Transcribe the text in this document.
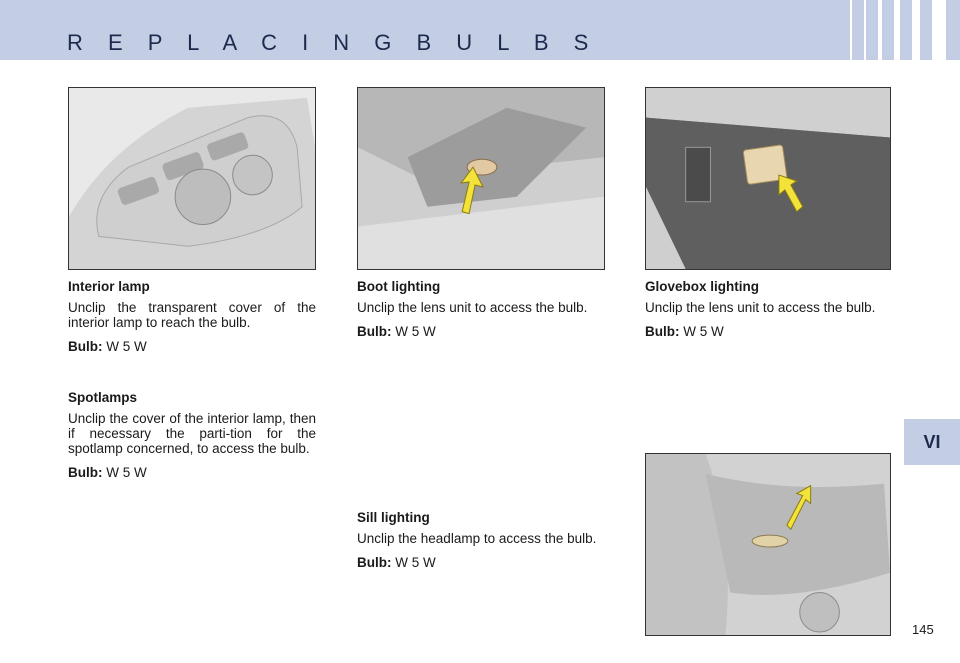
R E P L A C I N G B U L B S
VI
Interior lamp
Unclip the transparent cover of the interior lamp to reach the bulb.
Bulb: W 5 W
Spotlamps
Unclip the cover of the interior lamp, then if necessary the parti-tion for the spotlamp concerned, to access the bulb.
Bulb: W 5 W
Boot lighting
Unclip the lens unit to access the bulb.
Bulb: W 5 W
Glovebox lighting
Unclip the lens unit to access the bulb.
Bulb: W 5 W
Sill lighting
Unclip the headlamp to access the bulb.
Bulb: W 5 W
145
